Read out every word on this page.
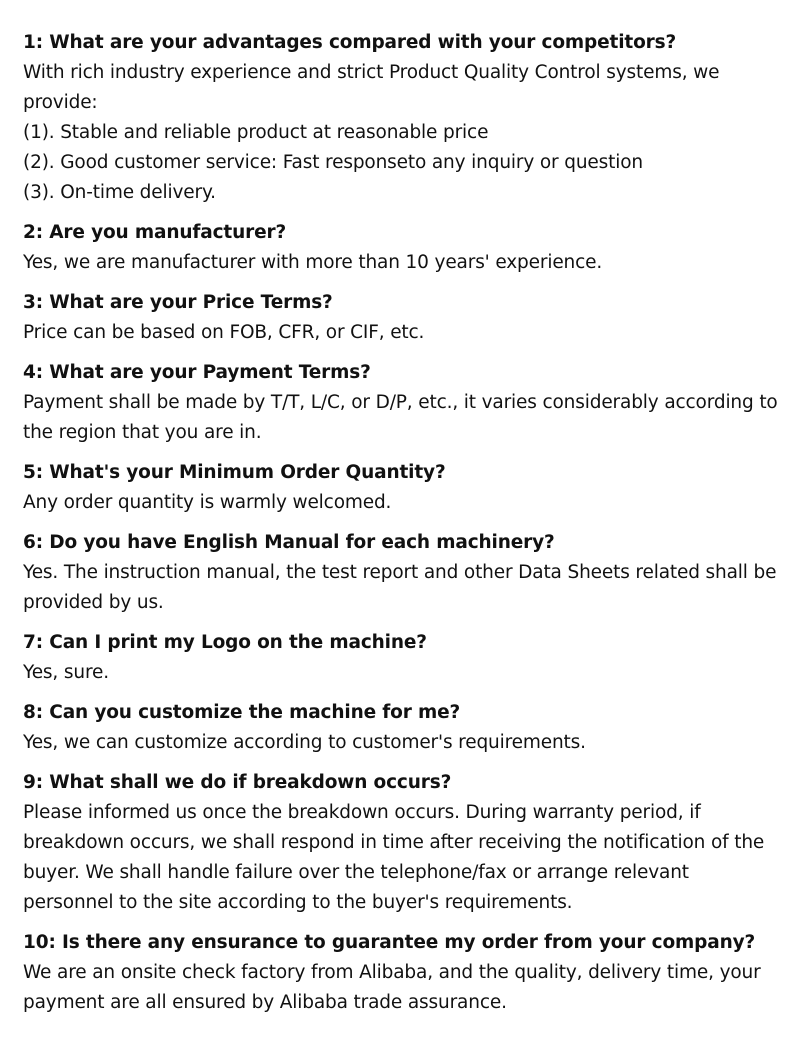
1: What are your advantages compared with your competitors?

With rich industry experience and strict Product Quality Control systems, we provide:
(1). Stable and reliable product at reasonable price
(2). Good customer service: Fast responseto any inquiry or question
(3). On-time delivery.

2: Are you manufacturer?

Yes, we are manufacturer with more than 10 years' experience.

3: What are your Price Terms?

Price can be based on FOB, CFR, or CIF, etc.

4: What are your Payment Terms?

Payment shall be made by T/T, L/C, or D/P, etc., it varies considerably according to the region that you are in.

5: What's your Minimum Order Quantity?

Any order quantity is warmly welcomed.

6: Do you have English Manual for each machinery?

Yes. The instruction manual, the test report and other Data Sheets related shall be provided by us.

7: Can I print my Logo on the machine?

Yes, sure.

8: Can you customize the machine for me?

Yes, we can customize according to customer's requirements.

9: What shall we do if breakdown occurs?

Please informed us once the breakdown occurs. During warranty period, if breakdown occurs, we shall respond in time after receiving the notification of the buyer. We shall handle failure over the telephone/fax or arrange relevant personnel to the site according to the buyer's requirements.

10: Is there any ensurance to guarantee my order from your company?

We are an onsite check factory from Alibaba, and the quality, delivery time, your payment are all ensured by Alibaba trade assurance.
